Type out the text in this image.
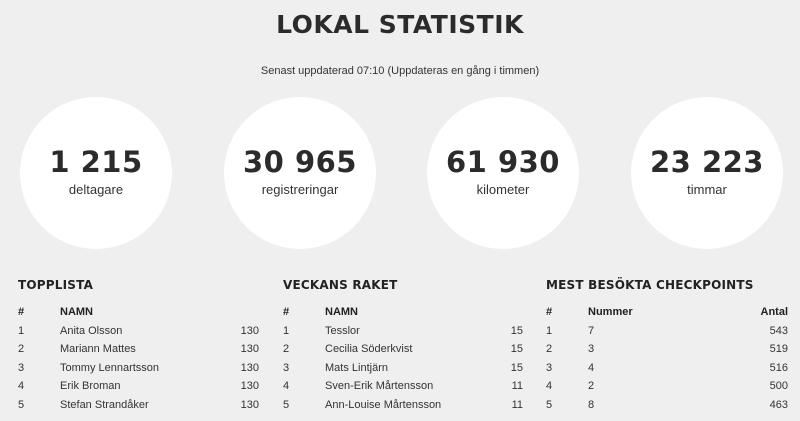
LOKAL STATISTIK
Senast uppdaterad 07:10 (Uppdateras en gång i timmen)
1 215
deltagare
30 965
registreringar
61 930
kilometer
23 223
timmar
TOPPLISTA
#	NAMN
1	Anita Olsson	130
2	Mariann Mattes	130
3	Tommy Lennartsson	130
4	Erik Broman	130
5	Stefan Strandåker	130
VECKANS RAKET
#	NAMN
1	Tesslor	15
2	Cecilia Söderkvist	15
3	Mats Lintjärn	15
4	Sven-Erik Mårtensson	11
5	Ann-Louise Mårtensson	11
MEST BESÖKTA CHECKPOINTS
#	Nummer	Antal
1	7	543
2	3	519
3	4	516
4	2	500
5	8	463
